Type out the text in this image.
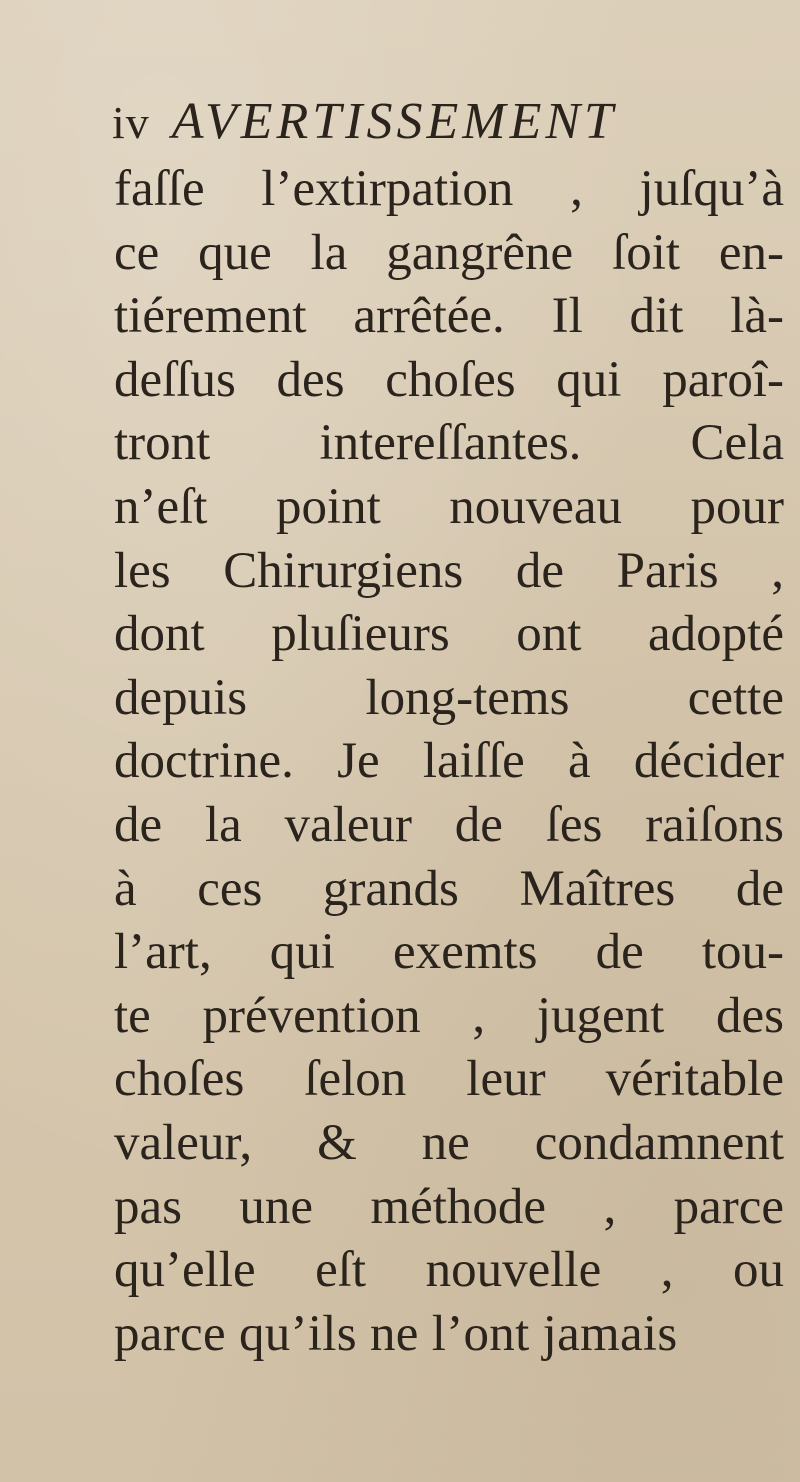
iv AVERTISSEMENT
faſſe l’extirpation , juſqu’à
ce que la gangrêne ſoit en-
tiérement arrêtée. Il dit là-
deſſus des choſes qui paroî-
tront intereſſantes. Cela
n’eſt point nouveau pour
les Chirurgiens de Paris ,
dont pluſieurs ont adopté
depuis long-tems cette
doctrine. Je laiſſe à décider
de la valeur de ſes raiſons
à ces grands Maîtres de
l’art, qui exemts de tou-
te prévention , jugent des
choſes ſelon leur véritable
valeur, & ne condamnent
pas une méthode , parce
qu’elle eſt nouvelle , ou
parce qu’ils ne l’ont jamais
